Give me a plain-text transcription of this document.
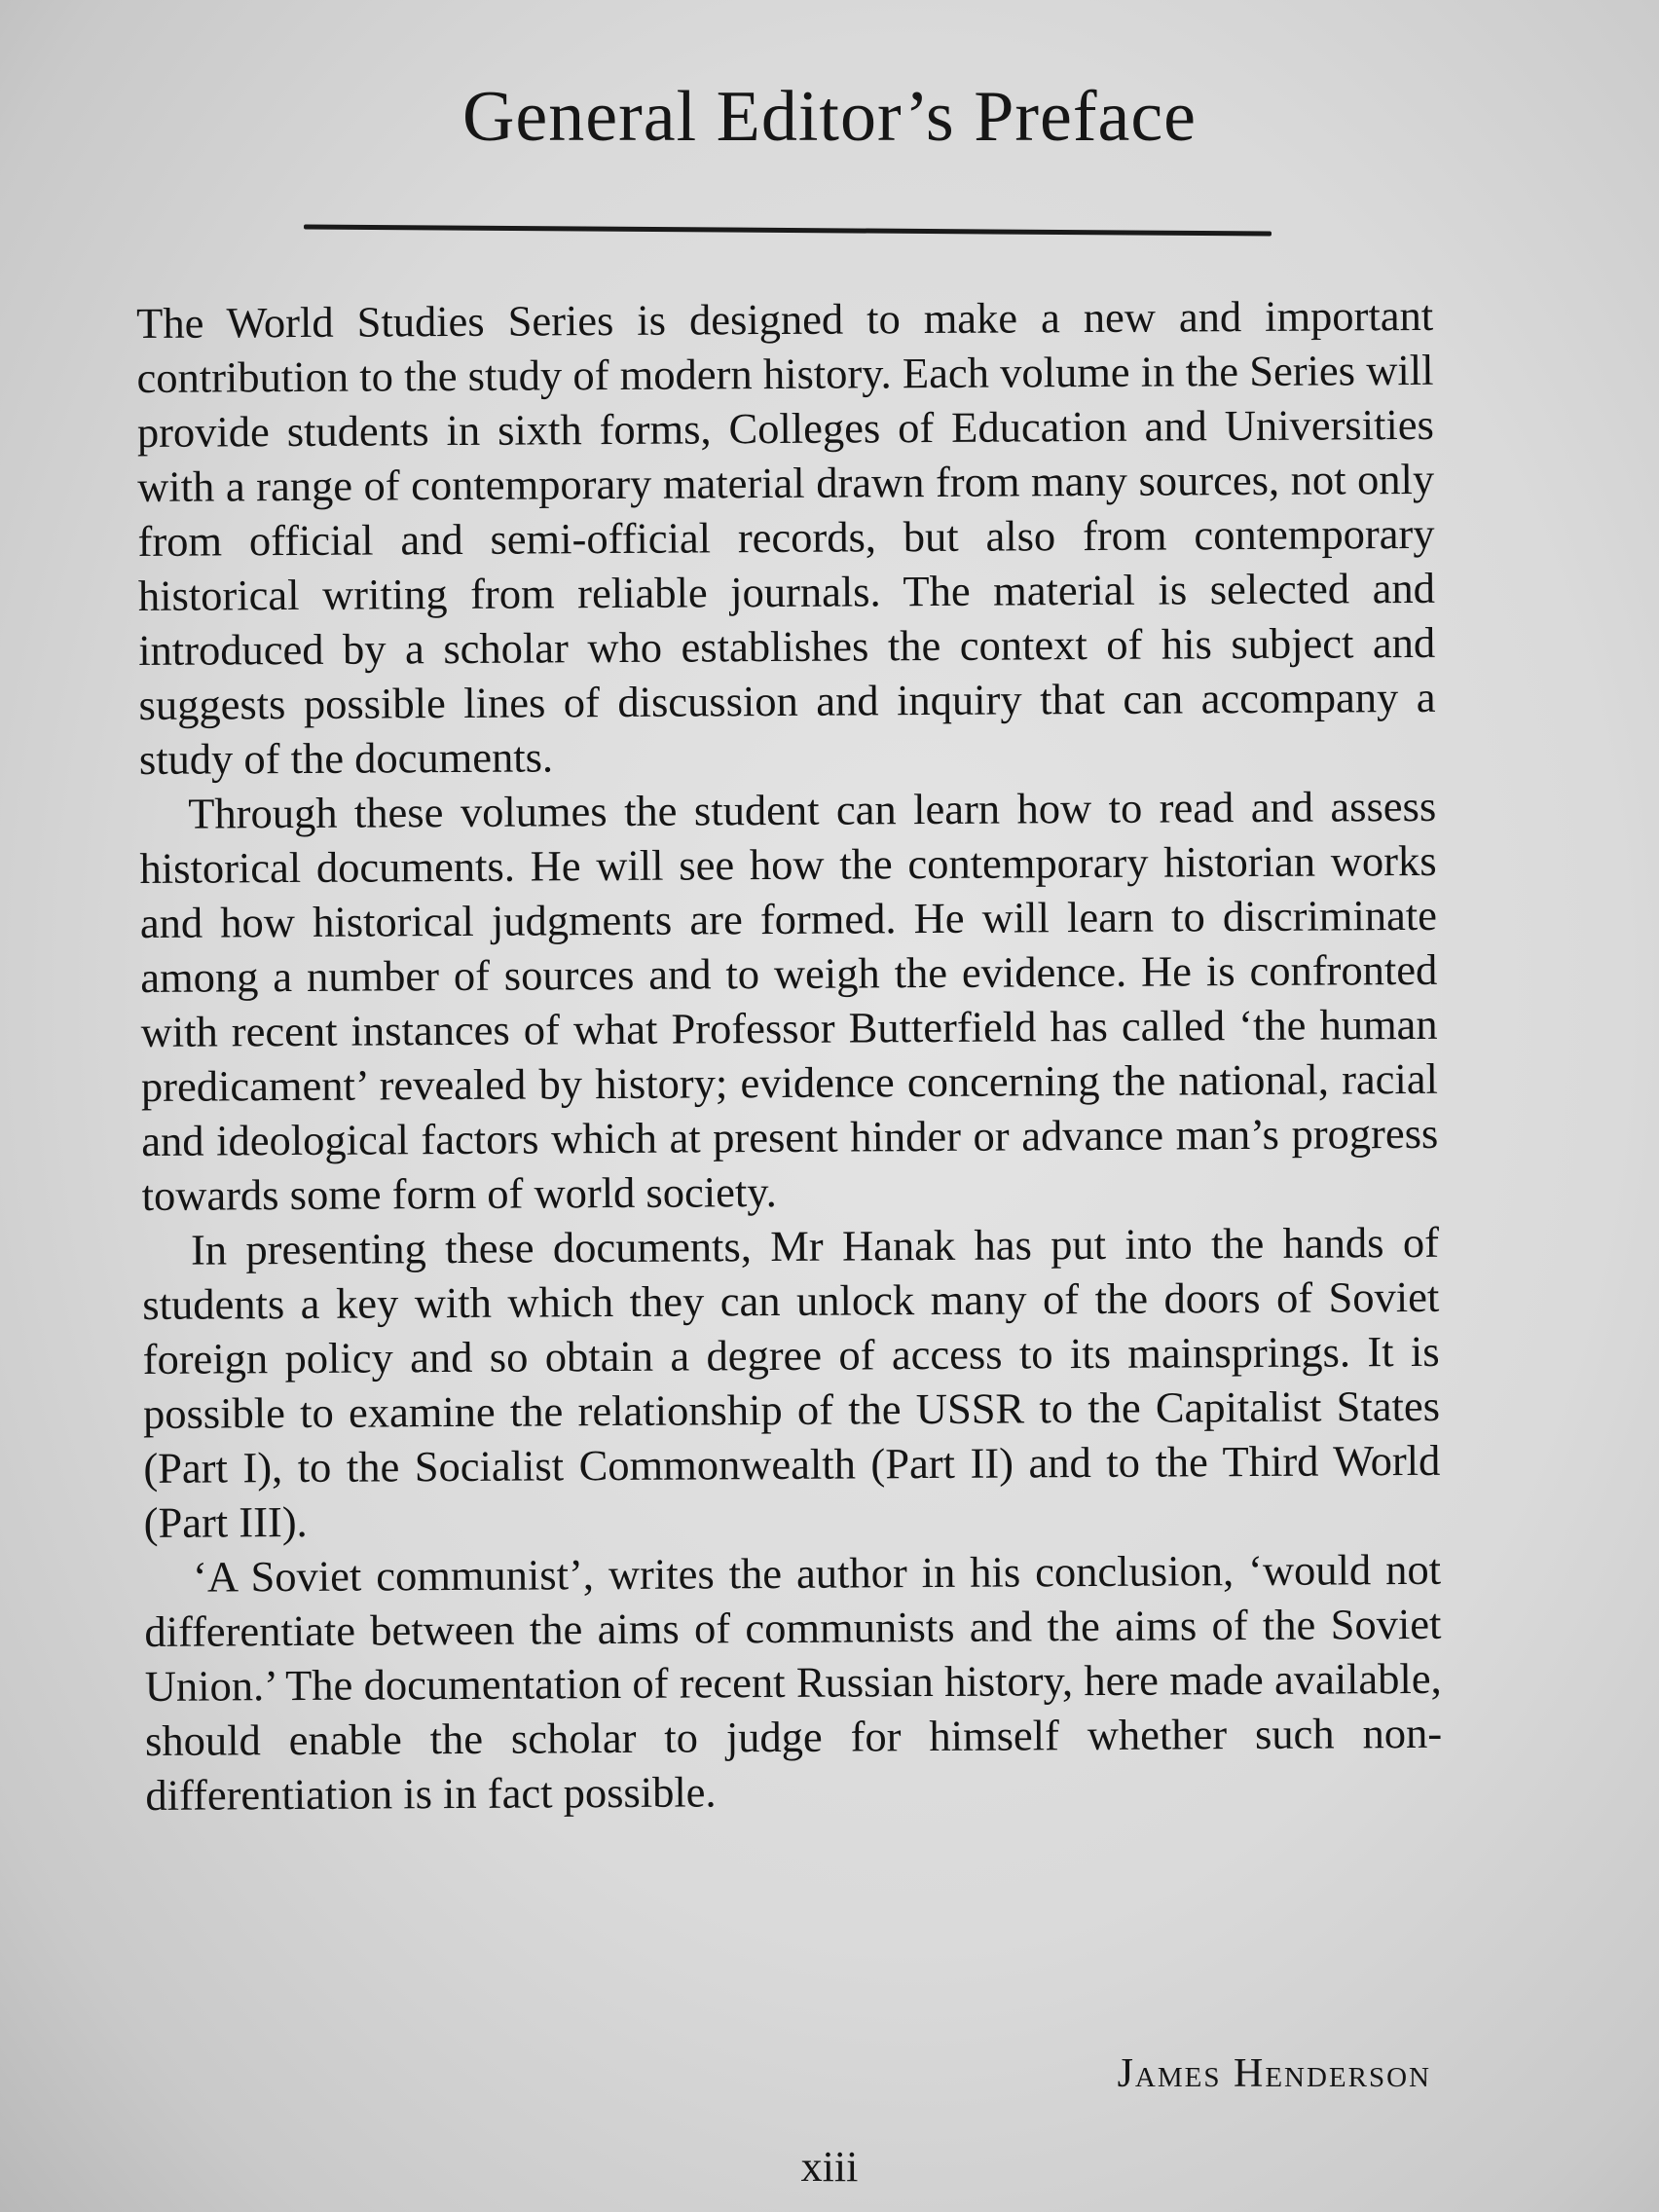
General Editor’s Preface

The World Studies Series is designed to make a new and important contribution to the study of modern history. Each volume in the Series will provide students in sixth forms, Colleges of Education and Universities with a range of contemporary material drawn from many sources, not only from official and semi-official records, but also from contemporary historical writing from reliable journals. The material is selected and introduced by a scholar who establishes the context of his subject and suggests possible lines of discussion and inquiry that can accompany a study of the documents.

Through these volumes the student can learn how to read and assess historical documents. He will see how the contemporary historian works and how historical judgments are formed. He will learn to discriminate among a number of sources and to weigh the evidence. He is confronted with recent instances of what Professor Butterfield has called ‘the human predicament’ revealed by history; evidence concerning the national, racial and ideological factors which at present hinder or advance man’s progress towards some form of world society.

In presenting these documents, Mr Hanak has put into the hands of students a key with which they can unlock many of the doors of Soviet foreign policy and so obtain a degree of access to its mainsprings. It is possible to examine the relationship of the USSR to the Capitalist States (Part I), to the Socialist Commonwealth (Part II) and to the Third World (Part III).

‘A Soviet communist’, writes the author in his conclusion, ‘would not differentiate between the aims of communists and the aims of the Soviet Union.’ The documentation of recent Russian history, here made available, should enable the scholar to judge for himself whether such non-differentiation is in fact possible.

James Henderson
xiii
